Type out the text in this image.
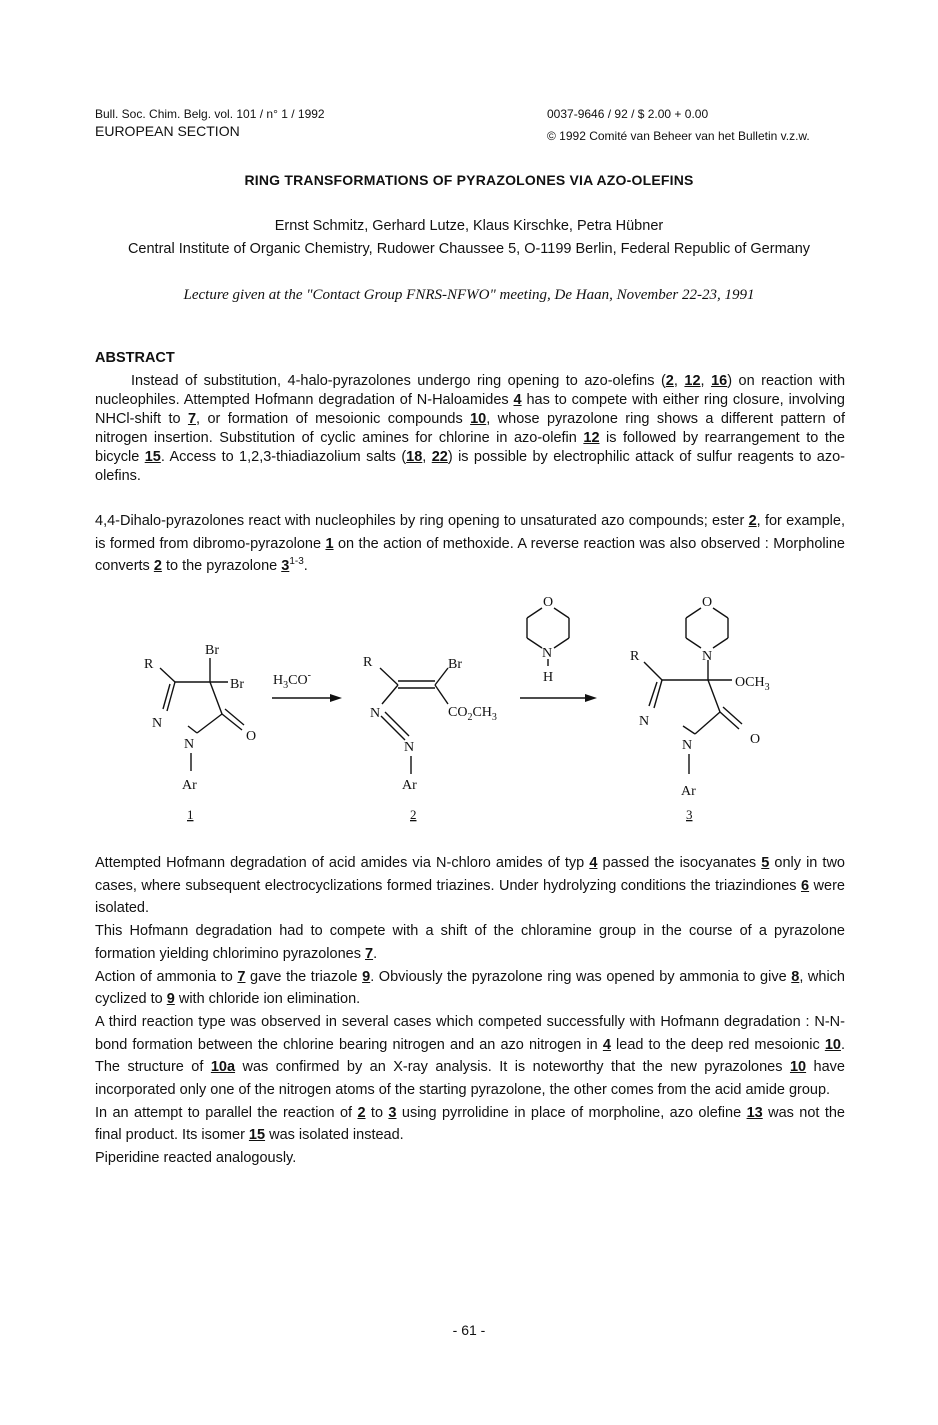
Bull. Soc. Chim. Belg. vol. 101 / n° 1 / 1992
EUROPEAN SECTION
0037-9646 / 92 / $ 2.00 + 0.00
© 1992 Comité van Beheer van het Bulletin v.z.w.
RING TRANSFORMATIONS OF PYRAZOLONES VIA AZO-OLEFINS
Ernst Schmitz, Gerhard Lutze, Klaus Kirschke, Petra Hübner
Central Institute of Organic Chemistry, Rudower Chaussee 5, O-1199 Berlin, Federal Republic of Germany
Lecture given at the "Contact Group FNRS-NFWO" meeting, De Haan, November 22-23, 1991
ABSTRACT

Instead of substitution, 4-halo-pyrazolones undergo ring opening to azo-olefins (2, 12, 16) on reaction with nucleophiles. Attempted Hofmann degradation of N-Haloamides 4 has to compete with either ring closure, involving NHCl-shift to 7, or formation of mesoionic compounds 10, whose pyrazolone ring shows a different pattern of nitrogen insertion. Substitution of cyclic amines for chlorine in azo-olefin 12 is followed by rearrangement to the bicycle 15. Access to 1,2,3-thiadiazolium salts (18, 22) is possible by electrophilic attack of sulfur reagents to azo-olefins.

4,4-Dihalo-pyrazolones react with nucleophiles by ring opening to unsaturated azo compounds; ester 2, for example, is formed from dibromo-pyrazolone 1 on the action of methoxide. A reverse reaction was also observed : Morpholine converts 2 to the pyrazolone 3$^{1-3}$.

Br
R
Br
N
N
O
Ar
1
$H_3CO^-$
R	Br
N	$CO_2CH_3$
N
Ar
2
O
N
H
O
N
R
$OCH_3$
N
N	O
Ar
3

Attempted Hofmann degradation of acid amides via N-chloro amides of typ 4 passed the isocyanates 5 only in two cases, where subsequent electrocyclizations formed triazines. Under hydrolyzing conditions the triazindiones 6 were isolated.

This Hofmann degradation had to compete with a shift of the chloramine group in the course of a pyrazolone formation yielding chlorimino pyrazolones 7.

Action of ammonia to 7 gave the triazole 9. Obviously the pyrazolone ring was opened by ammonia to give 8, which cyclized to 9 with chloride ion elimination.

A third reaction type was observed in several cases which competed successfully with Hofmann degradation : N-N-bond formation between the chlorine bearing nitrogen and an azo nitrogen in 4 lead to the deep red mesoionic 10. The structure of 10a was confirmed by an X-ray analysis. It is noteworthy that the new pyrazolones 10 have incorporated only one of the nitrogen atoms of the starting pyrazolone, the other comes from the acid amide group.

In an attempt to parallel the reaction of 2 to 3 using pyrrolidine in place of morpholine, azo olefine 13 was not the final product. Its isomer 15 was isolated instead.

Piperidine reacted analogously.

- 61 -
